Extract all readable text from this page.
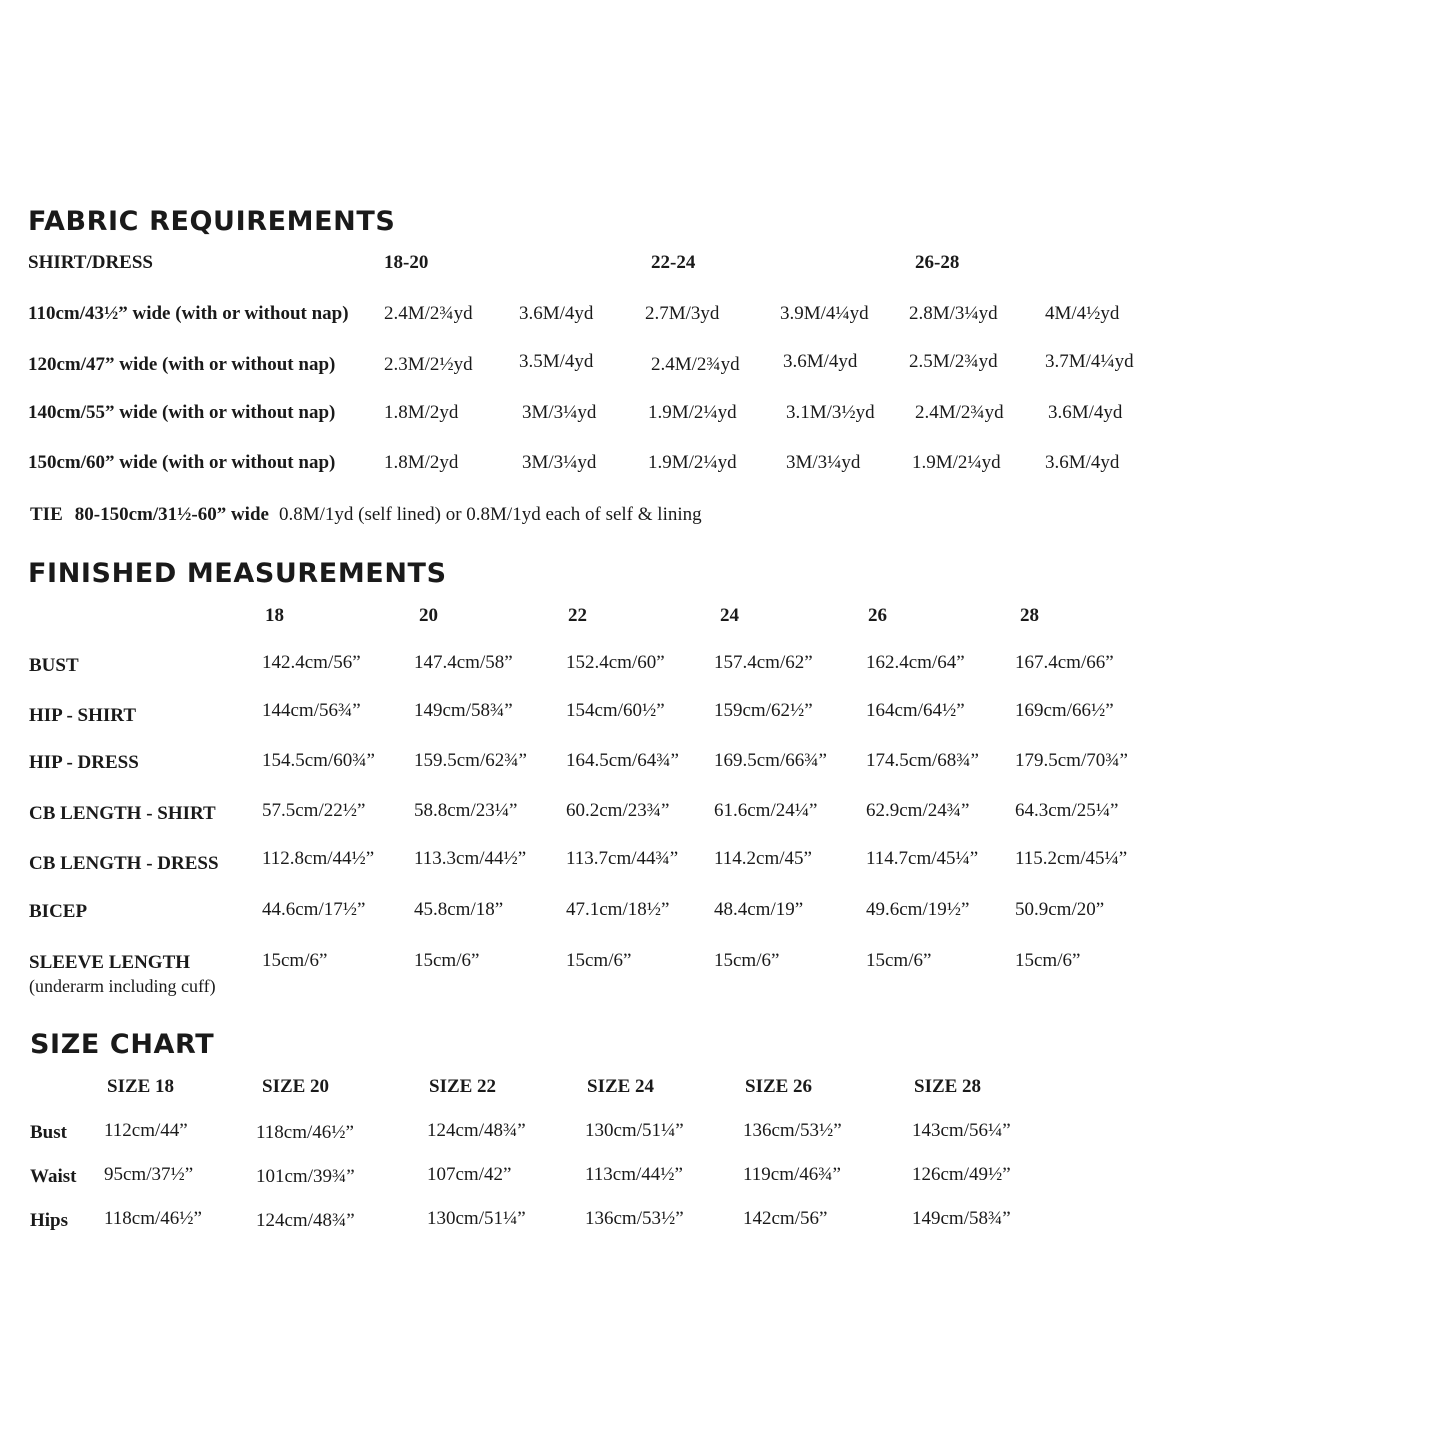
FABRIC REQUIREMENTS
SHIRT/DRESS	18-20	22-24	26-28
110cm/43½” wide (with or without nap) 2.4M/2¾yd 3.6M/4yd	2.7M/3yd	3.9M/4¼yd 2.8M/3¼yd 4M/4½yd
120cm/47” wide (with or without nap)	2.3M/2½yd 3.5M/4yd	2.4M/2¾yd 3.6M/4yd	2.5M/2¾yd 3.7M/4¼yd
140cm/55” wide (with or without nap)	1.8M/2yd	3M/3¼yd	1.9M/2¼yd	3.1M/3½yd 2.4M/2¾yd 3.6M/4yd
150cm/60” wide (with or without nap)	1.8M/2yd	3M/3¼yd	1.9M/2¼yd	3M/3¼yd	1.9M/2¼yd 3.6M/4yd
TIE 80-150cm/31½-60” wide 0.8M/1yd (self lined) or 0.8M/1yd each of self & lining
FINISHED MEASUREMENTS
18	20	22	24	26	28
BUST	142.4cm/56”	147.4cm/58”	152.4cm/60”	157.4cm/62”	162.4cm/64”	167.4cm/66”
HIP - SHIRT	144cm/56¾”	149cm/58¾”	154cm/60½”	159cm/62½”	164cm/64½”	169cm/66½”
HIP - DRESS	154.5cm/60¾” 159.5cm/62¾” 164.5cm/64¾” 169.5cm/66¾” 174.5cm/68¾” 179.5cm/70¾”
CB LENGTH - SHIRT 57.5cm/22½”	58.8cm/23¼”	60.2cm/23¾” 61.6cm/24¼”	62.9cm/24¾” 64.3cm/25¼”
CB LENGTH - DRESS 112.8cm/44½” 113.3cm/44½” 113.7cm/44¾” 114.2cm/45”	114.7cm/45¼” 115.2cm/45¼”
BICEP	44.6cm/17½”	45.8cm/18”	47.1cm/18½” 48.4cm/19”	49.6cm/19½” 50.9cm/20”
SLEEVE LENGTH
(underarm including cuff)
15cm/6”	15cm/6”	15cm/6”	15cm/6”	15cm/6”	15cm/6”
SIZE CHART
SIZE 18	SIZE 20	SIZE 22	SIZE 24	SIZE 26	SIZE 28
Bust 112cm/44”	118cm/46½”	124cm/48¾”	130cm/51¼”	136cm/53½”	143cm/56¼”
Waist 95cm/37½”	101cm/39¾”	107cm/42”	113cm/44½”	119cm/46¾”	126cm/49½”
Hips 118cm/46½”	124cm/48¾”	130cm/51¼”	136cm/53½”	142cm/56”	149cm/58¾”
